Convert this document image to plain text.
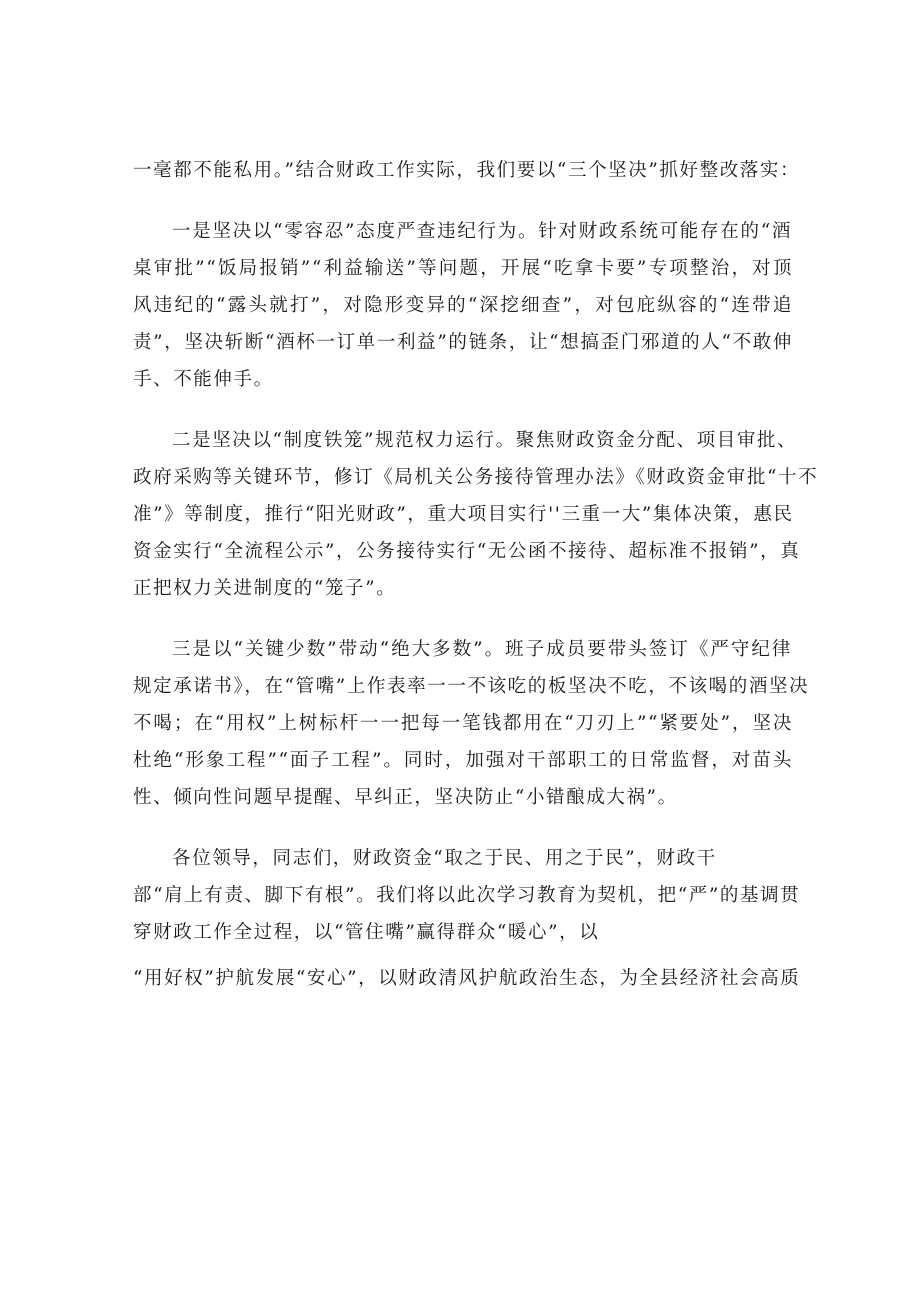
一毫都不能私用。”结合财政工作实际，我们要以“三个坚决”抓好整改落实：
一是坚决以“零容忍”态度严查违纪行为。针对财政系统可能存在的“酒
桌审批”“饭局报销”“利益输送”等问题，开展“吃拿卡要”专项整治，对顶
风违纪的“露头就打”，对隐形变异的“深挖细查”，对包庇纵容的“连带追
责”，坚决斩断“酒杯一订单一利益”的链条，让“想搞歪门邪道的人“不敢伸
手、不能伸手。
二是坚决以“制度铁笼”规范权力运行。聚焦财政资金分配、项目审批、
政府采购等关键环节，修订《局机关公务接待管理办法》《财政资金审批“十不
准”》等制度，推行“阳光财政”，重大项目实行''三重一大”集体决策，惠民
资金实行“全流程公示”，公务接待实行“无公函不接待、超标准不报销”，真
正把权力关进制度的“笼子”。
三是以“关键少数”带动“绝大多数”。班子成员要带头签订《严守纪律
规定承诺书》，在“管嘴”上作表率一一不该吃的板坚决不吃，不该喝的酒坚决
不喝；在“用权”上树标杆一一把每一笔钱都用在“刀刃上”“紧要处”，坚决
杜绝“形象工程”“面子工程”。同时，加强对干部职工的日常监督，对苗头
性、倾向性问题早提醒、早纠正，坚决防止“小错酿成大祸”。
各位领导，同志们，财政资金“取之于民、用之于民”，财政干
部“肩上有责、脚下有根”。我们将以此次学习教育为契机，把“严”的基调贯
穿财政工作全过程，以“管住嘴”赢得群众“暖心”，以
“用好权”护航发展“安心”，以财政清风护航政治生态，为全县经济社会高质
